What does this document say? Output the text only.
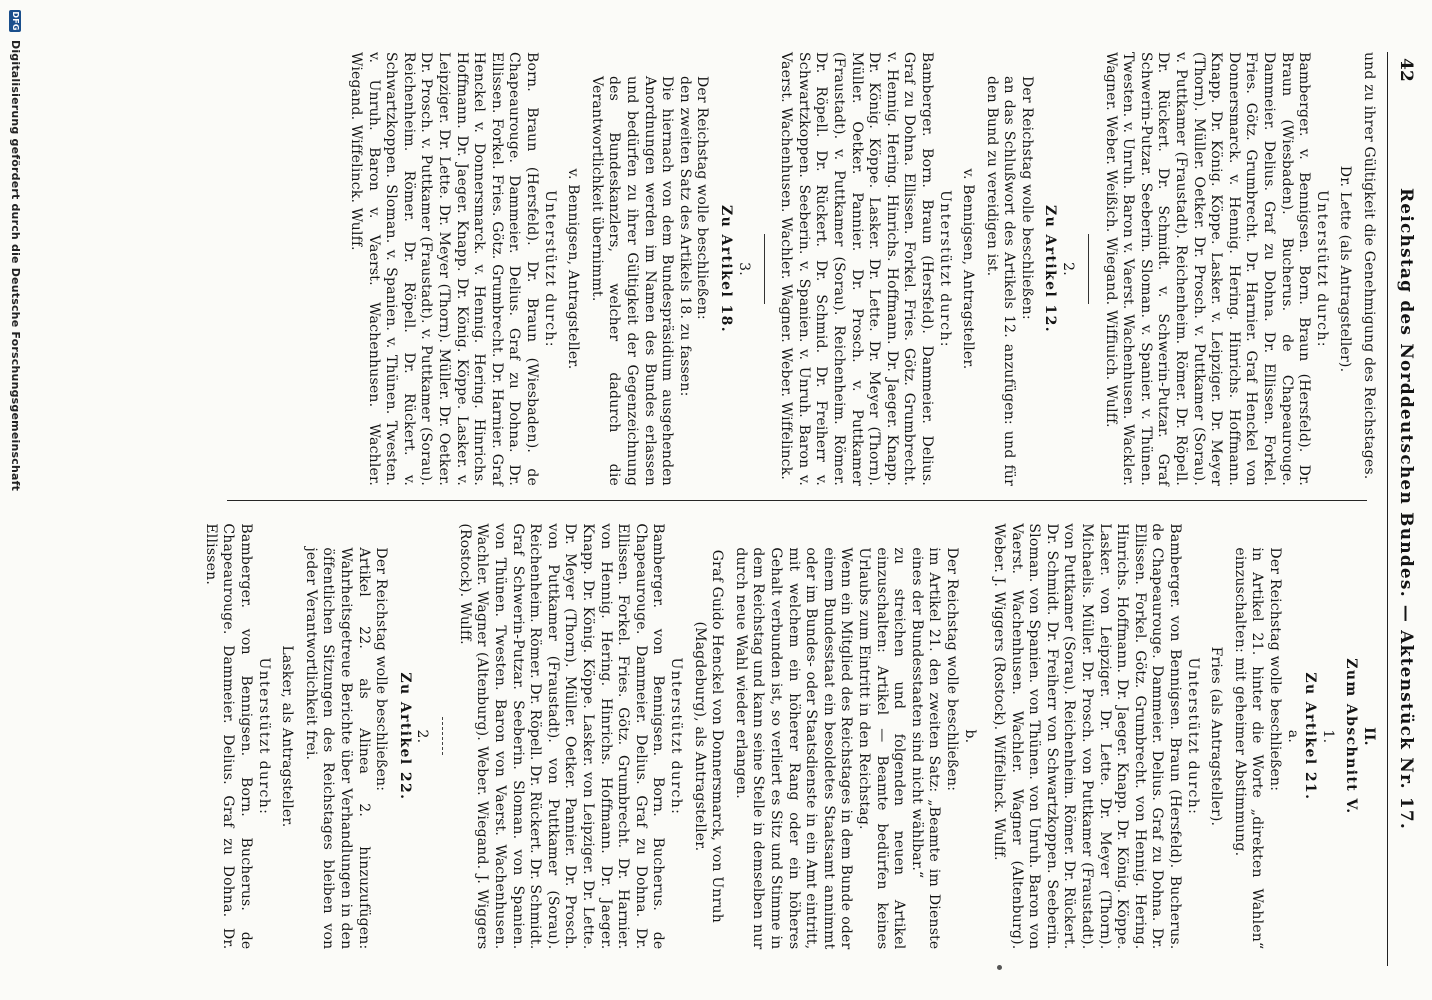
42
Reichstag des Norddeutschen Bundes. — Aktenstück Nr. 17.

und zu ihrer Gültigkeit die Genehmigung des Reichstages.

Dr. Lette (als Antragsteller).

Unterstützt durch:

Bamberger. v. Bennigsen. Born. Braun (Hersfeld). Dr. Braun (Wiesbaden). Bucherus. de Chapeaurouge. Dammeier. Delius. Graf zu Dohna. Dr. Ellissen. Forkel. Fries. Götz. Grumbrecht. Dr. Harnier. Graf Henckel von Donnersmarck. v. Hennig. Hering. Hinrichs. Hoffmann. Knapp. Dr. König. Köppe. Lasker. v. Leipziger. Dr. Meyer (Thorn). Müller. Oetker. Dr. Prosch. v. Puttkamer (Sorau). v. Puttkamer (Fraustadt). Reichenheim. Römer. Dr. Röpell. Dr. Rückert. Dr. Schmidt. v. Schwerin-Putzar. Graf Schwerin-Putzar. Seeberin. Sloman. v. Spanier. v. Thünen. Twesten. v. Unruh. Baron v. Vaerst. Wachenhusen. Wackler. Wagner. Weber. Weißich. Wiegand. Wiffiuich. Wulff.

2.

Zu Artikel 12.

Der Reichstag wolle beschließen:

an das Schlußwort des Artikels 12. anzufügen: und für den Bund zu vereidigen ist.

v. Bennigsen, Antragsteller.

Unterstützt durch:

Bamberger. Born. Braun (Hersfeld). Dammeier. Delius. Graf zu Dohna. Ellissen. Forkel. Fries. Götz. Grumbrecht. v. Hennig. Hering. Hinrichs. Hoffmann. Dr. Jaeger. Knapp. Dr. König. Köppe. Lasker. Dr. Lette. Dr. Meyer (Thorn). Müller. Oetker. Pannier. Dr. Prosch. v. Puttkamer (Fraustadt). v. Puttkamer (Sorau). Reichenheim. Römer. Dr. Röpell. Dr. Rückert. Dr. Schmid. Dr. Freiherr v. Schwartzkoppen. Seeberin. v. Spanien. v. Unruh. Baron v. Vaerst. Wachenhusen. Wachler. Wagner. Weber. Wiffelinck.

3.

Zu Artikel 18.

Der Reichstag wolle beschließen:

den zweiten Satz des Artikels 18. zu fassen:

Die hiernach von dem Bundespräsidium ausgehenden Anordnungen werden im Namen des Bundes erlassen und bedürfen zu ihrer Gültigkeit der Gegenzeichnung des Bundeskanzlers, welcher dadurch die Verantwortlichkeit übernimmt.

v. Bennigsen, Antragsteller.

Unterstützt durch:

Born. Braun (Hersfeld). Dr. Braun (Wiesbaden). de Chapeaurouge. Dammeier. Delius. Graf zu Dohna. Dr. Ellissen. Forkel. Fries. Götz. Grumbrecht. Dr. Harnier. Graf Henckel v. Donnersmarck. v. Hennig. Hering. Hinrichs. Hoffmann. Dr. Jaeger. Knapp. Dr. König. Köppe. Lasker. v. Leipziger. Dr. Lette. Dr. Meyer (Thorn). Müller. Dr. Oetker. Dr. Prosch. v. Puttkamer (Fraustadt). v. Puttkamer (Sorau). Reichenheim. Römer. Dr. Röpell. Dr. Rückert. v. Schwartzkoppen. Sloman. v. Spanien. v. Thünen. Twesten. v. Unruh. Baron v. Vaerst. Wachenhusen. Wachler. Wiegand. Wiffelinck. Wulff.

II.

Zum Abschnitt V.

1.

Zu Artikel 21.

a.

Der Reichstag wolle beschließen:

in Artikel 21. hinter die Worte „direkten Wahlen“ einzuschalten: mit geheimer Abstimmung.

Fries (als Antragsteller).

Unterstützt durch:

Bamberger. von Bennigsen. Braun (Hersfeld). Bucherus. de Chapeaurouge. Dammeier. Delius. Graf zu Dohna. Dr. Ellissen. Forkel. Götz. Grumbrecht. von Hennig. Hering. Hinrichs. Hoffmann. Dr. Jaeger. Knapp. Dr. König. Köppe. Lasker. von Leipziger. Dr. Lette. Dr. Meyer (Thorn). Michaelis. Müller. Dr. Prosch. von Puttkamer (Fraustadt). von Puttkamer (Sorau). Reichenheim. Römer. Dr. Rückert. Dr. Schmidt. Dr. Freiherr von Schwartzkoppen. Seeberin. Sloman. von Spanien. von Thünen. von Unruh. Baron von Vaerst. Wachenhusen. Wachler. Wagner (Altenburg). Weber. J. Wiggers (Rostock). Wiffelinck. Wulff.

b.

Der Reichstag wolle beschließen:

im Artikel 21. den zweiten Satz: „Beamte im Dienste eines der Bundesstaaten sind nicht wählbar.“

zu streichen und folgenden neuen Artikel einzuschalten: Artikel — Beamte bedürfen keines Urlaubs zum Eintritt in den Reichstag.

Wenn ein Mitglied des Reichstages in dem Bunde oder einem Bundesstaat ein besoldetes Staatsamt annimmt oder im Bundes- oder Staatsdienste in ein Amt eintritt, mit welchem ein höherer Rang oder ein höheres Gehalt verbunden ist, so verliert es Sitz und Stimme in dem Reichstag und kann seine Stelle in demselben nur durch neue Wahl wieder erlangen.

Graf Guido Henckel von Donnersmarck, von Unruh (Magdeburg), als Antragsteller.

Unterstützt durch:

Bamberger. von Bennigsen. Born. Bucherus. de Chapeaurouge. Dammeier. Delius. Graf zu Dohna. Dr. Ellissen. Forkel. Fries. Götz. Grumbrecht. Dr. Harnier. von Hennig. Hering. Hinrichs. Hoffmann. Dr. Jaeger. Knapp. Dr. König. Köppe. Lasker. von Leipziger. Dr. Lette. Dr. Meyer (Thorn). Müller. Oetker. Pannier. Dr. Prosch. von Puttkamer (Fraustadt). von Puttkamer (Sorau). Reichenheim. Römer. Dr. Röpell. Dr. Rückert. Dr. Schmidt. Graf Schwerin-Putzar. Seeberin. Sloman. von Spanien. von Thünen. Twesten. Baron von Vaerst. Wachenhusen. Wachler. Wagner (Altenburg). Weber. Wiegand. J. Wiggers (Rostock). Wulff.

2.

Zu Artikel 22.

Der Reichstag wolle beschließen:

Artikel 22. als Alinea 2. hinzuzufügen: Wahrheitsgetreue Berichte über Verhandlungen in den öffentlichen Sitzungen des Reichstages bleiben von jeder Verantwortlichkeit frei.

Lasker, als Antragsteller.

Unterstützt durch:

Bamberger. von Bennigsen. Born. Bucherus. de Chapeaurouge. Dammeier. Delius. Graf zu Dohna. Dr. Ellissen.

DFG
Digitalisierung gefördert durch die Deutsche Forschungsgemeinschaft
